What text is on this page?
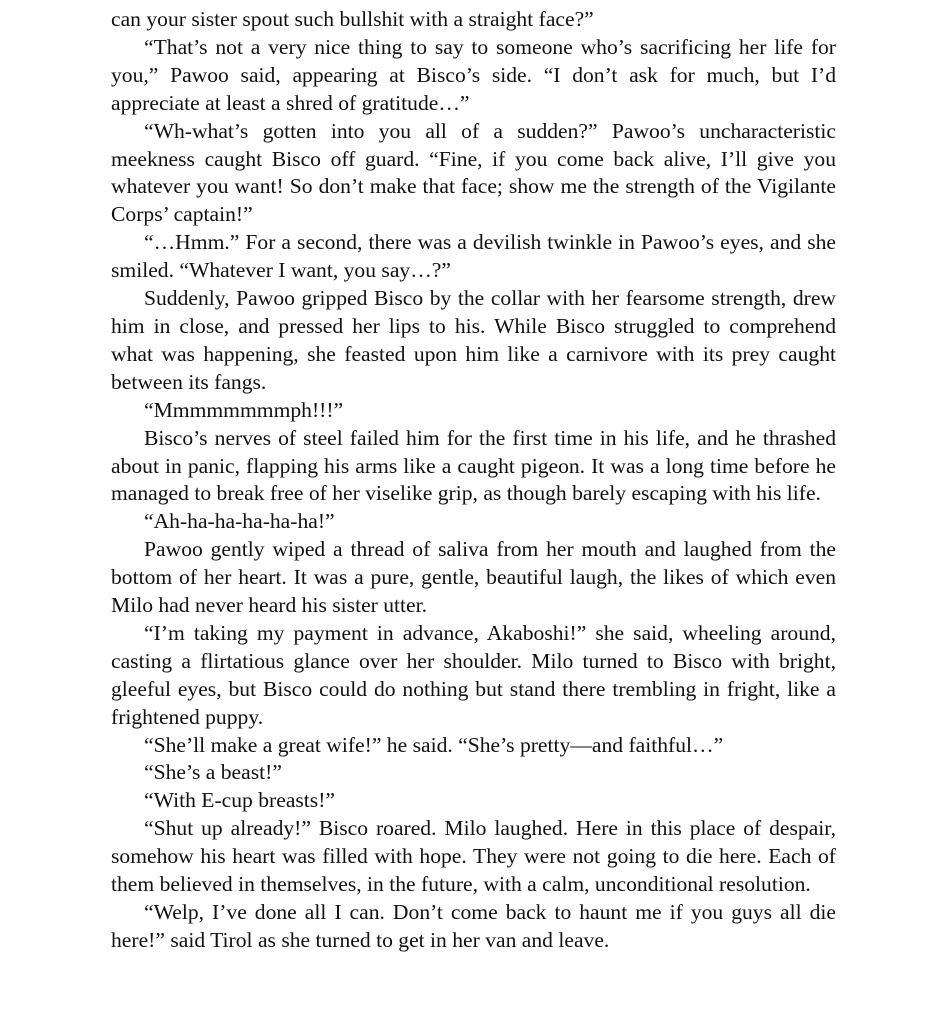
can your sister spout such bullshit with a straight face?”

“That’s not a very nice thing to say to someone who’s sacrificing her life for you,” Pawoo said, appearing at Bisco’s side. “I don’t ask for much, but I’d appreciate at least a shred of gratitude…”

“Wh-what’s gotten into you all of a sudden?” Pawoo’s uncharacteristic meekness caught Bisco off guard. “Fine, if you come back alive, I’ll give you whatever you want! So don’t make that face; show me the strength of the Vigilante Corps’ captain!”

“…Hmm.” For a second, there was a devilish twinkle in Pawoo’s eyes, and she smiled. “Whatever I want, you say…?”

Suddenly, Pawoo gripped Bisco by the collar with her fearsome strength, drew him in close, and pressed her lips to his. While Bisco struggled to comprehend what was happening, she feasted upon him like a carnivore with its prey caught between its fangs.

“Mmmmmmmmph!!!”

Bisco’s nerves of steel failed him for the first time in his life, and he thrashed about in panic, flapping his arms like a caught pigeon. It was a long time before he managed to break free of her viselike grip, as though barely escaping with his life.

“Ah-ha-ha-ha-ha-ha!”

Pawoo gently wiped a thread of saliva from her mouth and laughed from the bottom of her heart. It was a pure, gentle, beautiful laugh, the likes of which even Milo had never heard his sister utter.

“I’m taking my payment in advance, Akaboshi!” she said, wheeling around, casting a flirtatious glance over her shoulder. Milo turned to Bisco with bright, gleeful eyes, but Bisco could do nothing but stand there trembling in fright, like a frightened puppy.

“She’ll make a great wife!” he said. “She’s pretty—and faithful…”

“She’s a beast!”

“With E-cup breasts!”

“Shut up already!” Bisco roared. Milo laughed. Here in this place of despair, somehow his heart was filled with hope. They were not going to die here. Each of them believed in themselves, in the future, with a calm, unconditional resolution.

“Welp, I’ve done all I can. Don’t come back to haunt me if you guys all die here!” said Tirol as she turned to get in her van and leave.
